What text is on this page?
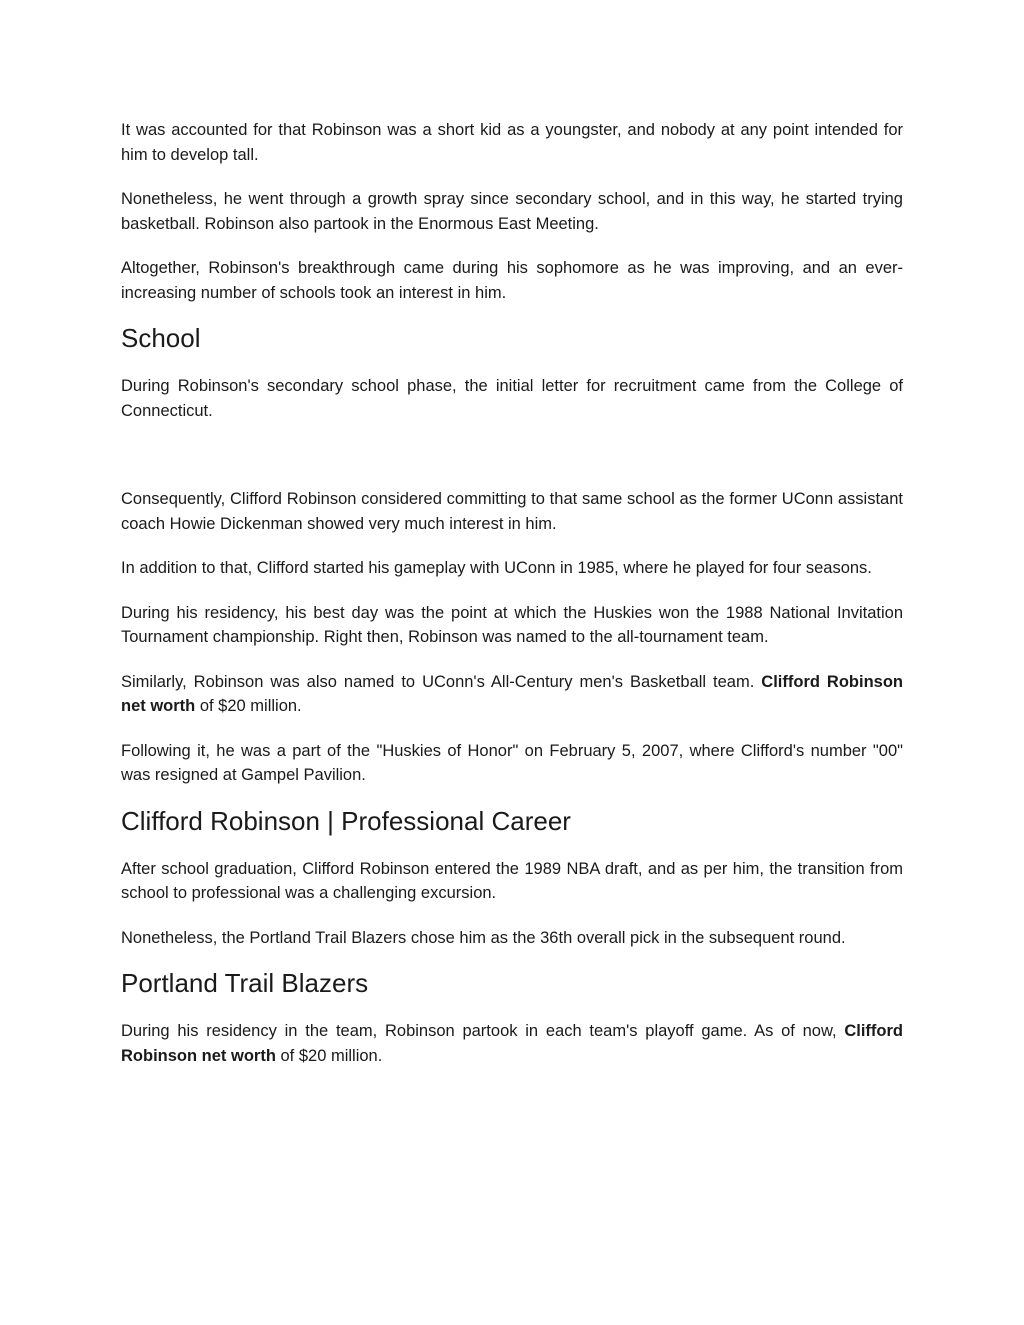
It was accounted for that Robinson was a short kid as a youngster, and nobody at any point intended for him to develop tall.

Nonetheless, he went through a growth spray since secondary school, and in this way, he started trying basketball. Robinson also partook in the Enormous East Meeting.

Altogether, Robinson's breakthrough came during his sophomore as he was improving, and an ever-increasing number of schools took an interest in him.

School

During Robinson's secondary school phase, the initial letter for recruitment came from the College of Connecticut.

Consequently, Clifford Robinson considered committing to that same school as the former UConn assistant coach Howie Dickenman showed very much interest in him.

In addition to that, Clifford started his gameplay with UConn in 1985, where he played for four seasons.

During his residency, his best day was the point at which the Huskies won the 1988 National Invitation Tournament championship. Right then, Robinson was named to the all-tournament team.

Similarly, Robinson was also named to UConn's All-Century men's Basketball team. Clifford Robinson net worth of $20 million.

Following it, he was a part of the "Huskies of Honor" on February 5, 2007, where Clifford's number "00" was resigned at Gampel Pavilion.

Clifford Robinson | Professional Career

After school graduation, Clifford Robinson entered the 1989 NBA draft, and as per him, the transition from school to professional was a challenging excursion.

Nonetheless, the Portland Trail Blazers chose him as the 36th overall pick in the subsequent round.

Portland Trail Blazers

During his residency in the team, Robinson partook in each team's playoff game. As of now, Clifford Robinson net worth of $20 million.
